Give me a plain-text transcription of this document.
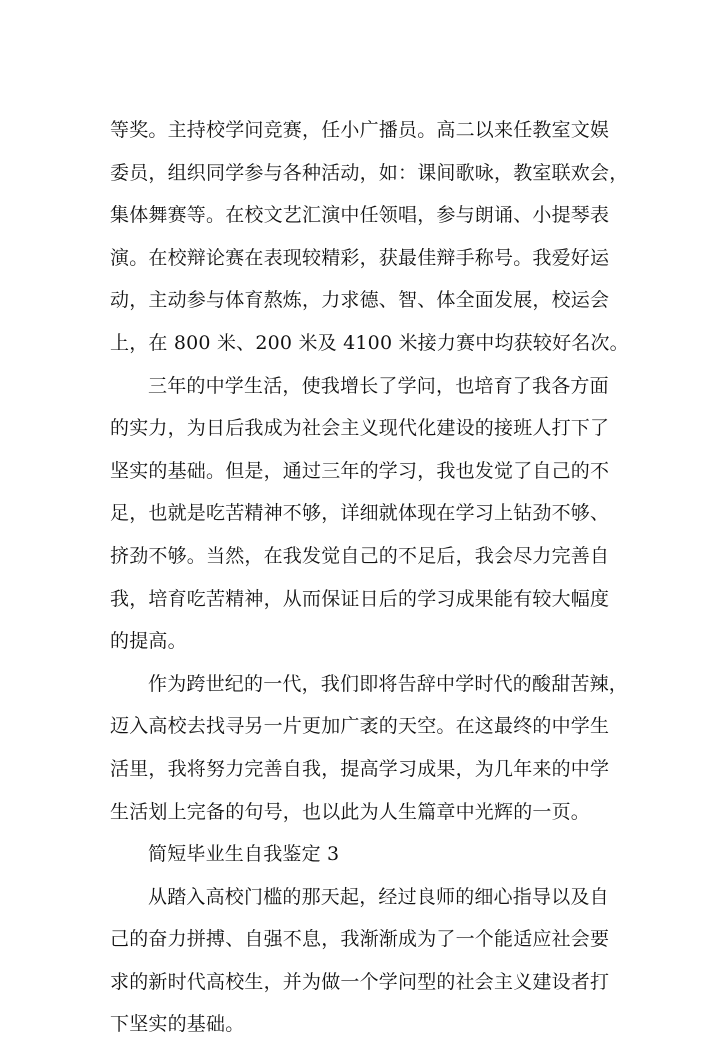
等奖。主持校学问竞赛，任小广播员。高二以来任教室文娱
委员，组织同学参与各种活动，如：课间歌咏，教室联欢会，
集体舞赛等。在校文艺汇演中任领唱，参与朗诵、小提琴表
演。在校辩论赛在表现较精彩，获最佳辩手称号。我爱好运
动，主动参与体育熬炼，力求德、智、体全面发展，校运会
上，在 800 米、200 米及 4100 米接力赛中均获较好名次。
三年的中学生活，使我增长了学问，也培育了我各方面
的实力，为日后我成为社会主义现代化建设的接班人打下了
坚实的基础。但是，通过三年的学习，我也发觉了自己的不
足，也就是吃苦精神不够，详细就体现在学习上钻劲不够、
挤劲不够。当然，在我发觉自己的不足后，我会尽力完善自
我，培育吃苦精神，从而保证日后的学习成果能有较大幅度
的提高。
作为跨世纪的一代，我们即将告辞中学时代的酸甜苦辣，
迈入高校去找寻另一片更加广袤的天空。在这最终的中学生
活里，我将努力完善自我，提高学习成果，为几年来的中学
生活划上完备的句号，也以此为人生篇章中光辉的一页。
简短毕业生自我鉴定 3
从踏入高校门槛的那天起，经过良师的细心指导以及自
己的奋力拼搏、自强不息，我渐渐成为了一个能适应社会要
求的新时代高校生，并为做一个学问型的社会主义建设者打
下坚实的基础。
